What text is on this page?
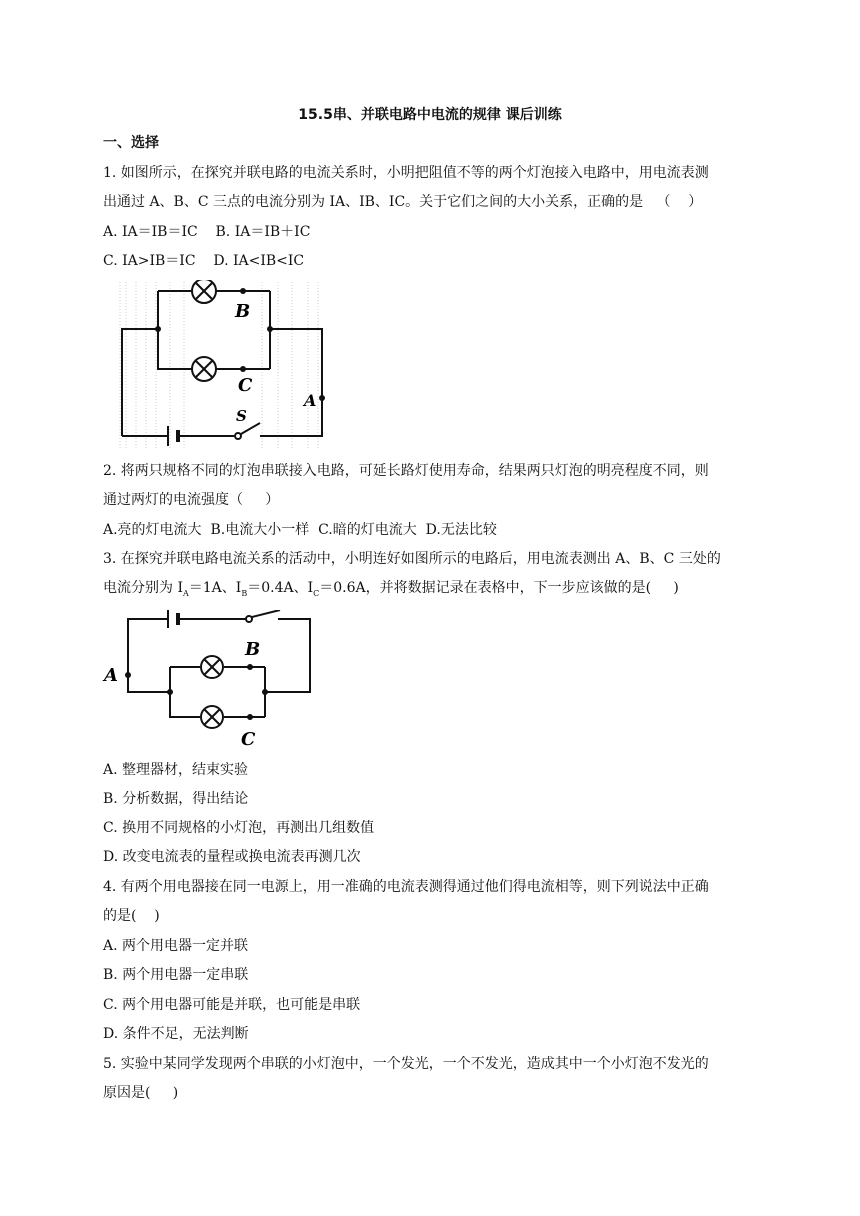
15.5串、并联电路中电流的规律 课后训练
一、选择
1. 如图所示，在探究并联电路的电流关系时，小明把阻值不等的两个灯泡接入电路中，用电流表测
出通过 A、B、C 三点的电流分别为 IA、IB、IC。关于它们之间的大小关系，正确的是   （    ）
A. IA＝IB＝IC    B. IA＝IB＋IC
C. IA>IB＝IC    D. IA<IB<IC
B
C
A
S
2. 将两只规格不同的灯泡串联接入电路，可延长路灯使用寿命，结果两只灯泡的明亮程度不同，则
通过两灯的电流强度（     ）
A.亮的灯电流大  B.电流大小一样  C.暗的灯电流大  D.无法比较
3. 在探究并联电路电流关系的活动中，小明连好如图所示的电路后，用电流表测出 A、B、C 三处的
电流分别为 $I_A=1A$、$I_B=0.4A$、$I_C=0.6A$，并将数据记录在表格中，下一步应该做的是(     )
A
B
C
A. 整理器材，结束实验
B. 分析数据，得出结论
C. 换用不同规格的小灯泡，再测出几组数值
D. 改变电流表的量程或换电流表再测几次
4. 有两个用电器接在同一电源上，用一准确的电流表测得通过他们得电流相等，则下列说法中正确
的是(    )
A. 两个用电器一定并联
B. 两个用电器一定串联
C. 两个用电器可能是并联，也可能是串联
D. 条件不足，无法判断
5. 实验中某同学发现两个串联的小灯泡中，一个发光，一个不发光，造成其中一个小灯泡不发光的
原因是(     )
